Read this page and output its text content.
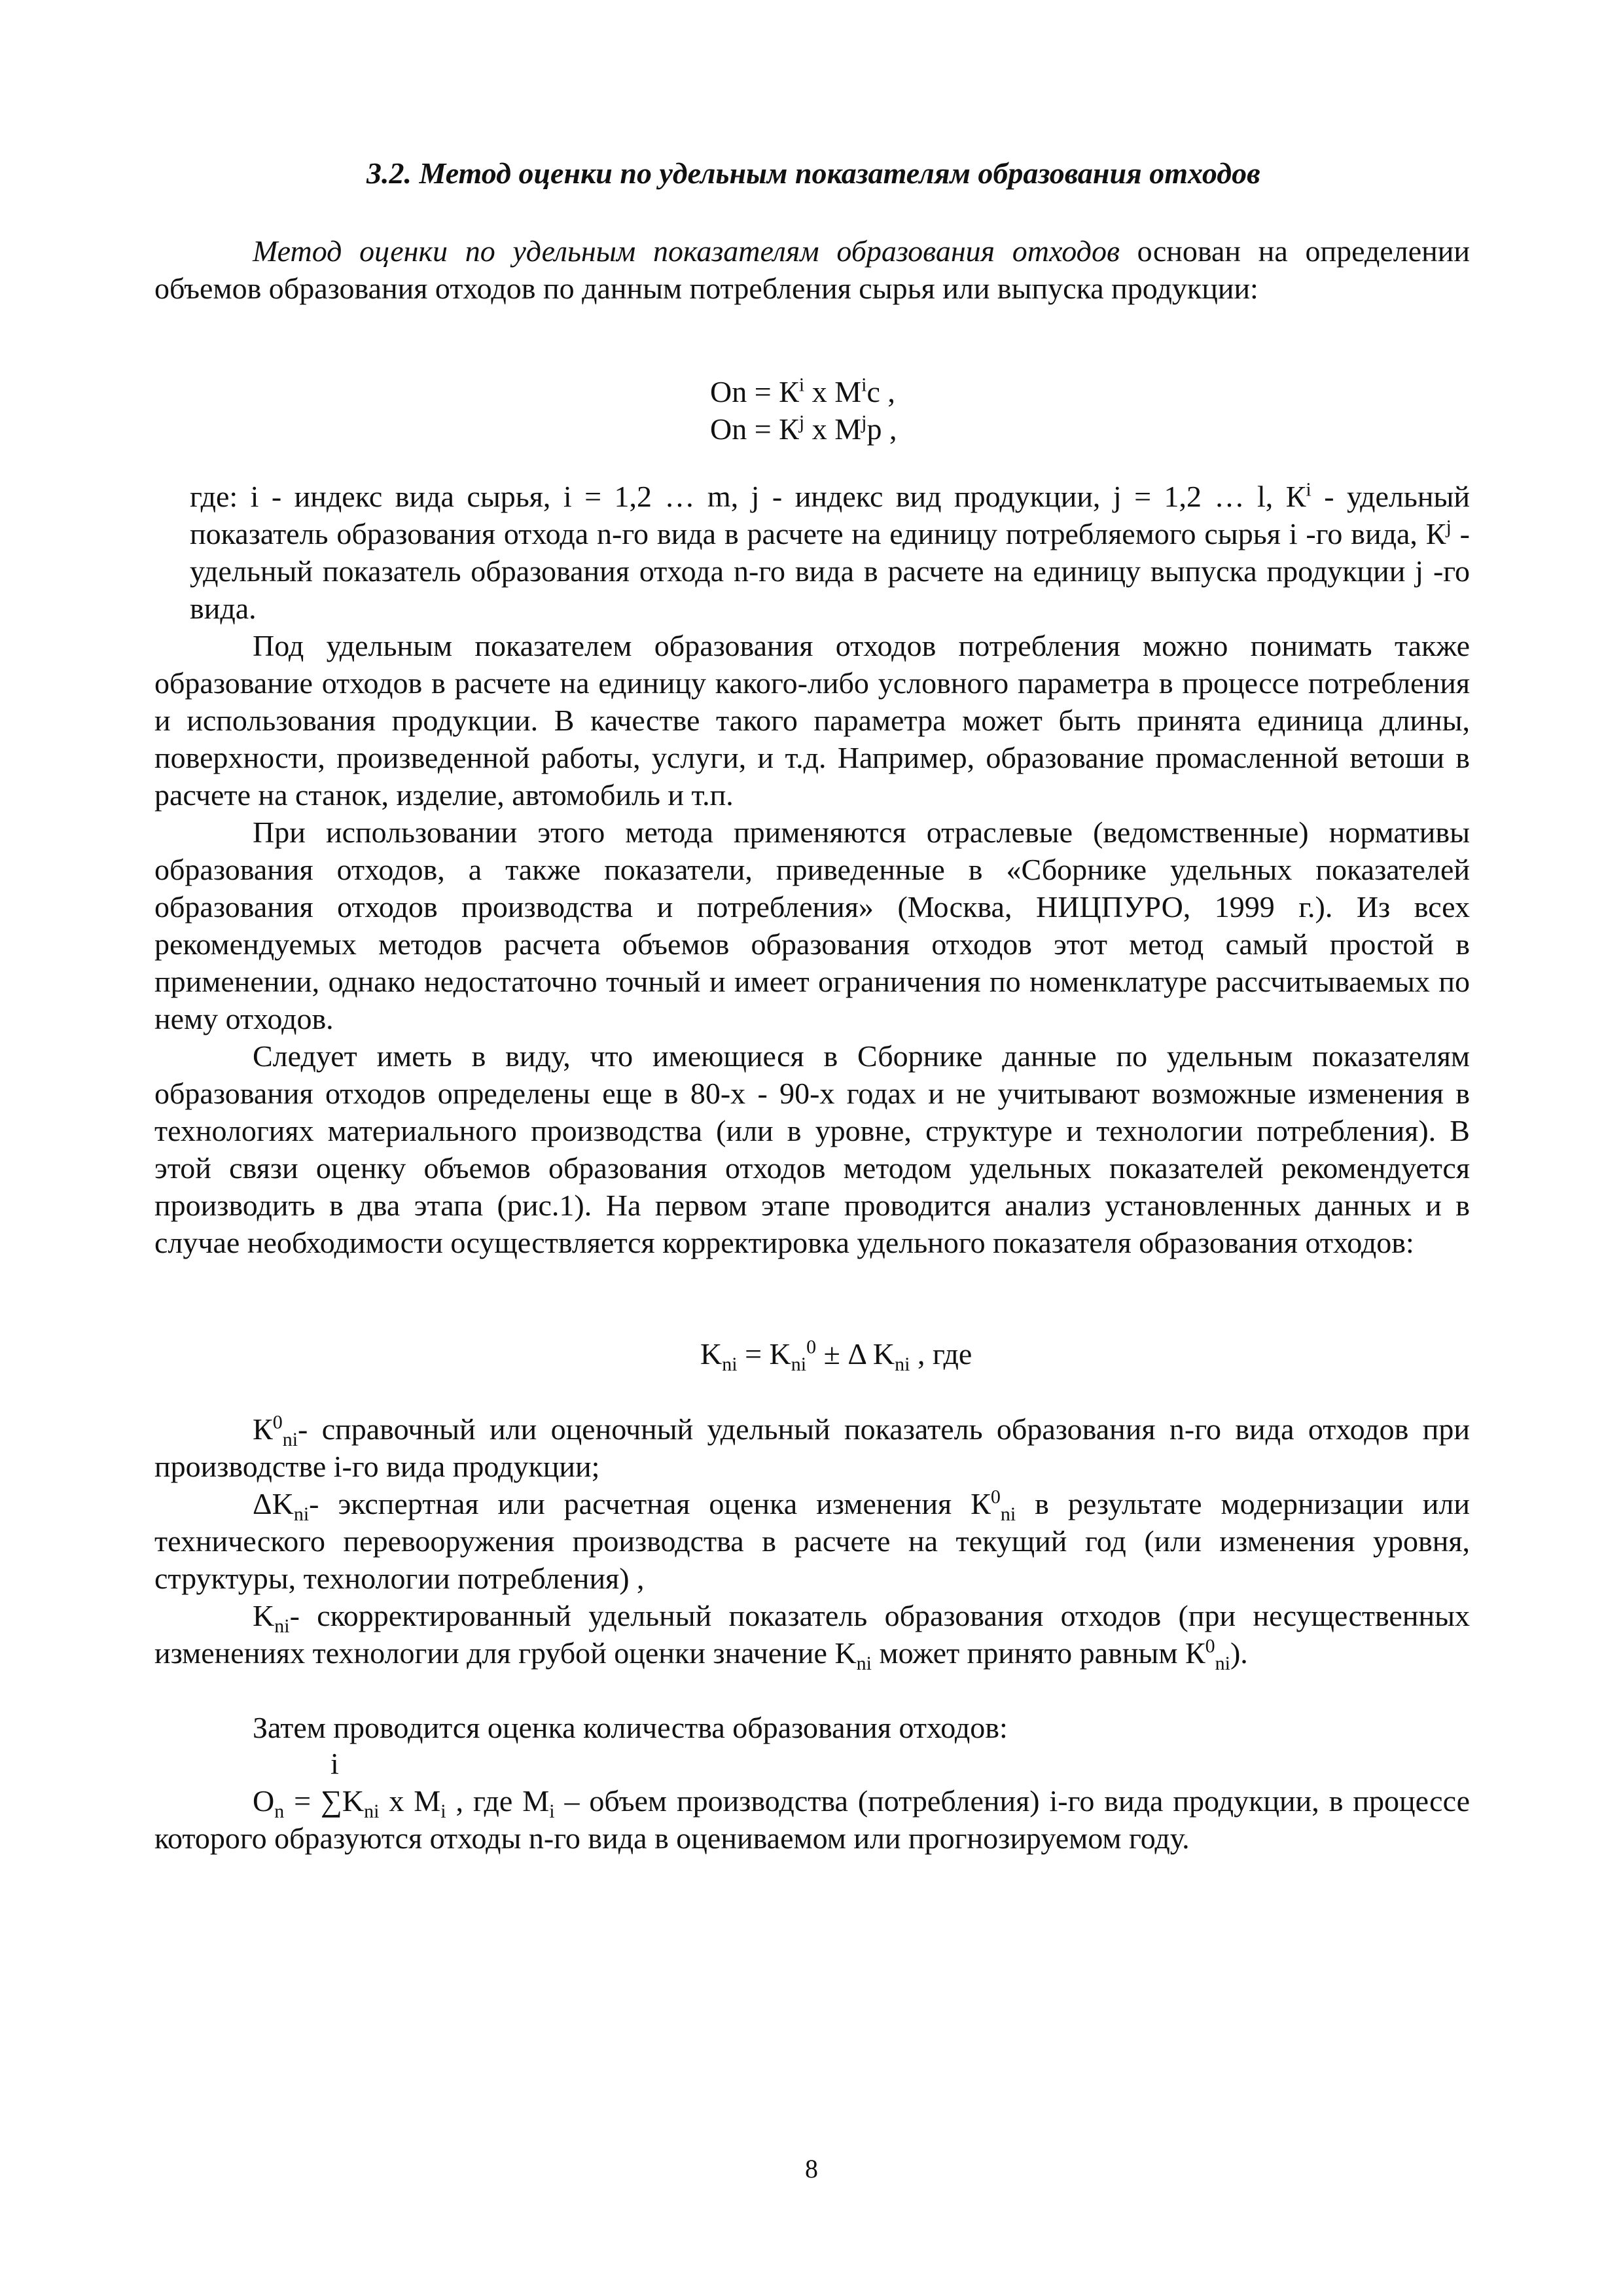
3.2. Метод оценки по удельным показателям образования отходов
Метод оценки по удельным показателям образования отходов основан на определении объемов образования отходов по данным потребления сырья или выпуска продукции:
Оn = $К^i$ x $M^ic$ ,
Оn = $К^j$ x $M^jp$ ,
где: i - индекс вида сырья, i = 1,2 … m, j - индекс вид продукции, j = 1,2 … l, $К^i$ - удельный показатель образования отхода n-го вида в расчете на единицу потребляемого сырья i -го вида, $К^j$ - удельный показатель образования отхода n-го вида в расчете на единицу выпуска продукции j -го вида.
Под удельным показателем образования отходов потребления можно понимать также образование отходов в расчете на единицу какого-либо условного параметра в процессе потребления и использования продукции. В качестве такого параметра может быть принята единица длины, поверхности, произведенной работы, услуги, и т.д. Например, образование промасленной ветоши в расчете на станок, изделие, автомобиль и т.п.
При использовании этого метода применяются отраслевые (ведомственные) нормативы образования отходов, а также показатели, приведенные в «Сборнике удельных показателей образования отходов производства и потребления» (Москва, НИЦПУРО, 1999 г.). Из всех рекомендуемых методов расчета объемов образования отходов этот метод самый простой в применении, однако недостаточно точный и имеет ограничения по номенклатуре рассчитываемых по нему отходов.
Следует иметь в виду, что имеющиеся в Сборнике данные по удельным показателям образования отходов определены еще в 80-х - 90-х годах и не учитывают возможные изменения в технологиях материального производства (или в уровне, структуре и технологии потребления). В этой связи оценку объемов образования отходов методом удельных показателей рекомендуется производить в два этапа (рис.1). На первом этапе проводится анализ установленных данных и в случае необходимости осуществляется корректировка удельного показателя образования отходов:
$K_{ni} = K_{ni}^0 \pm \Delta$ $K_{ni}$ , где
$К^0_{ni}-$ справочный или оценочный удельный показатель образования n-го вида отходов при производстве i-го вида продукции;
$\Delta K_{ni}-$ экспертная или расчетная оценка изменения $К^0_{ni}$ в результате модернизации или технического перевооружения производства в расчете на текущий год (или изменения уровня, структуры, технологии потребления) ,
$K_{ni}-$ скорректированный удельный показатель образования отходов (при несущественных изменениях технологии для грубой оценки значение $K_{ni}$ может принято равным $К^0_{ni}$).
Затем проводится оценка количества образования отходов:
i
$О_n = \sum K_{ni}$ x $M_i$ , где $M_i$ – объем производства (потребления) i-го вида продукции, в процессе которого образуются отходы n-го вида в оцениваемом или прогнозируемом году.
8
